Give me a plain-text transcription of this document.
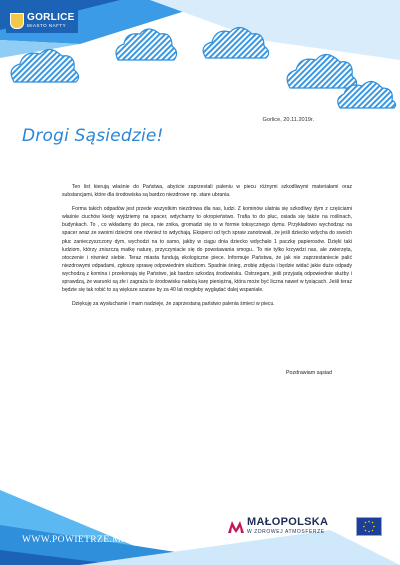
GORLICE
MIASTO NAFTY
Gorlice, 20.11.2019r.
Drogi Sąsiedzie!

Ten list kierują właśnie do Państwa, abyście zaprzestali paleniu w piecu różnymi szkodliwymi materiałami oraz substancjami, które dla środowiska są bardzo niezdrowe np. stare ubrania.

Forma takich odpadów jest przede wszystkim niezdrowa dla nas, ludzi. Z kominów ulatnia się szkodliwy dym z częściami właśnie ciuchów kiedy wyjdziemy na spacer, wdychamy to okropieństwo. Trafia to do płuc, osiada się także na roślinach, budynkach. To , co wkładamy do pieca, nie znika, gromadzi się to w formie toksycznego dymu. Przykładowo wychodząc na spacer wraz ze swoimi dziećmi one również to wdychają. Eksperci od tych spraw zanotowali, że jeśli dziecko wdycha do swoich płuc zanieczyszczony dym, wychodzi na to samo, jakby w ciągu dnia dziecko wdychało 1 paczkę papierosów. Dzięki taki ludziom, którzy zniszczą matkę naturę, przyczyniacie się do powstawania smogu.. To nie tylko krzywdzi nas, ale zwierzęta, otoczenie i również siebie. Teraz miasta fundują ekologiczne piece. Informuje Państwa, że jak nie zaprzestaniecie palić niezdrowymi odpadami, zgłoszę sprawę odpowiednim służbom. Spadnie śnieg, zrobię zdjęcia i będzie widać jakie duże odpady wychodzą z komina i przekonają się Państwo, jak bardzo szkodzą środowisku. Ostrzegam, jeśli przyjadą odpowiednie służby i sprawdzą, że warunki są złe i zagraża to środowisku nałożą karę pieniężną, która może być liczna nawet w tysiącach. Jeśli teraz będzie się tak robić to są większe szanse by za 40 lat mogłoby wyglądać dalej wspaniale.

Dziękuję za wysłuchanie i mam nadzieje, że zaprzestaną państwo palenia śmieci w piecu.

Pozdrawiam sąsiad
WWW.POWIETRZE.MALOPOLSKA.PL
MAŁOPOLSKA
W ZDROWEJ ATMOSFERZE
